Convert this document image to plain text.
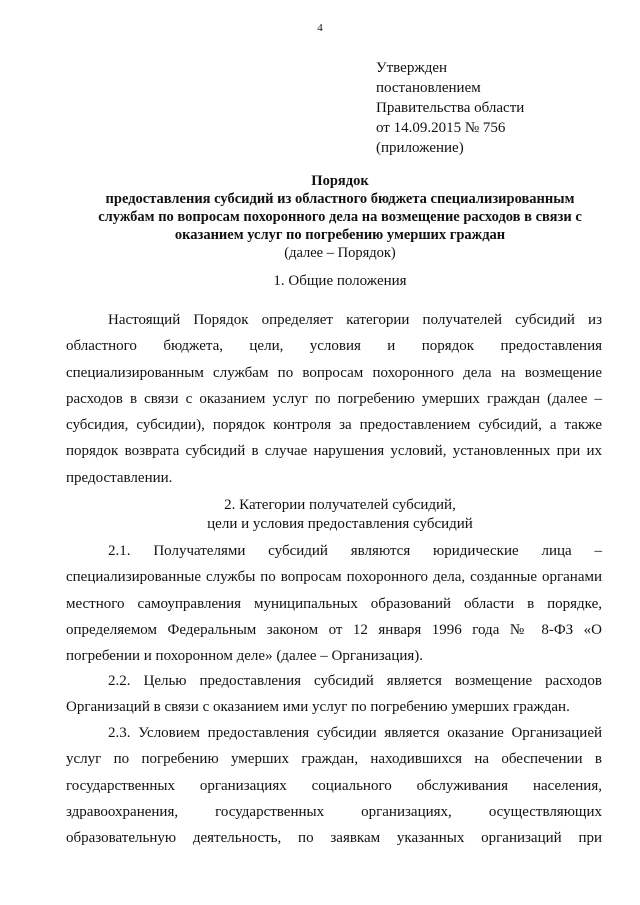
4
Утвержден
постановлением
Правительства области
от 14.09.2015 № 756
(приложение)
Порядок
предоставления субсидий из областного бюджета специализированным
службам по вопросам похоронного дела на возмещение расходов в связи с
оказанием услуг по погребению умерших граждан
(далее – Порядок)
1. Общие положения
Настоящий Порядок определяет категории получателей субсидий из
областного бюджета, цели, условия и порядок предоставления
специализированным службам по вопросам похоронного дела на возмещение
расходов в связи с оказанием услуг по погребению умерших граждан (далее –
субсидия, субсидии), порядок контроля за предоставлением субсидий, а также
порядок возврата субсидий в случае нарушения условий, установленных при их
предоставлении.
2. Категории получателей субсидий,
цели и условия предоставления субсидий
2.1. Получателями субсидий являются юридические лица –
специализированные службы по вопросам похоронного дела, созданные органами
местного самоуправления муниципальных образований области в порядке,
определяемом Федеральным законом от 12 января 1996 года № 8-ФЗ «О
погребении и похоронном деле» (далее – Организация).
2.2. Целью предоставления субсидий является возмещение расходов
Организаций в связи с оказанием ими услуг по погребению умерших граждан.
2.3. Условием предоставления субсидии является оказание Организацией
услуг по погребению умерших граждан, находившихся на обеспечении в
государственных организациях социального обслуживания населения,
здравоохранения, государственных организациях, осуществляющих
образовательную деятельность, по заявкам указанных организаций при
